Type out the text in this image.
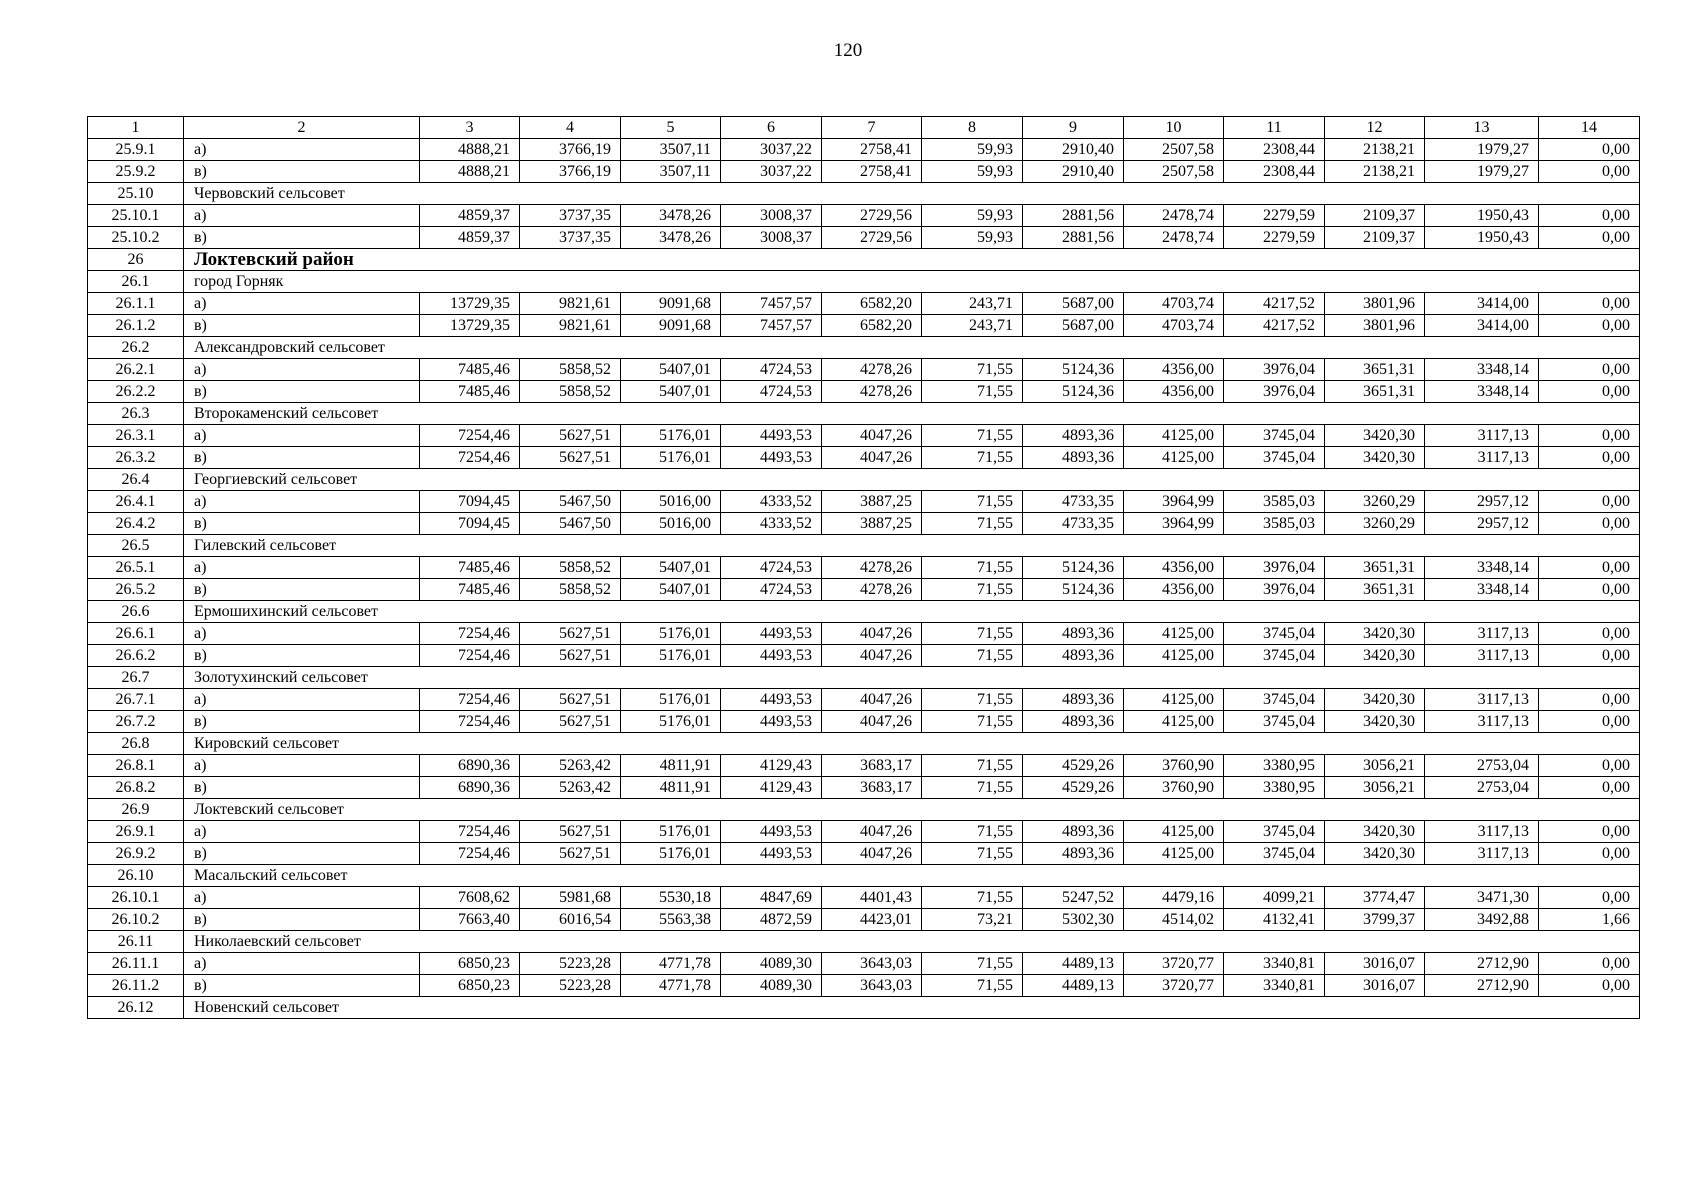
120
1	2	3	4	5	6	7	8	9	10	11	12	13	14
25.9.1	а)	4888,21	3766,19	3507,11	3037,22	2758,41	59,93	2910,40	2507,58	2308,44	2138,21	1979,27	0,00
25.9.2	в)	4888,21	3766,19	3507,11	3037,22	2758,41	59,93	2910,40	2507,58	2308,44	2138,21	1979,27	0,00
25.10	Червовский сельсовет												
25.10.1	а)	4859,37	3737,35	3478,26	3008,37	2729,56	59,93	2881,56	2478,74	2279,59	2109,37	1950,43	0,00
25.10.2	в)	4859,37	3737,35	3478,26	3008,37	2729,56	59,93	2881,56	2478,74	2279,59	2109,37	1950,43	0,00
26	Локтевский район												
26.1	город Горняк												
26.1.1	а)	13729,35	9821,61	9091,68	7457,57	6582,20	243,71	5687,00	4703,74	4217,52	3801,96	3414,00	0,00
26.1.2	в)	13729,35	9821,61	9091,68	7457,57	6582,20	243,71	5687,00	4703,74	4217,52	3801,96	3414,00	0,00
26.2	Александровский сельсовет												
26.2.1	а)	7485,46	5858,52	5407,01	4724,53	4278,26	71,55	5124,36	4356,00	3976,04	3651,31	3348,14	0,00
26.2.2	в)	7485,46	5858,52	5407,01	4724,53	4278,26	71,55	5124,36	4356,00	3976,04	3651,31	3348,14	0,00
26.3	Второкаменский сельсовет												
26.3.1	а)	7254,46	5627,51	5176,01	4493,53	4047,26	71,55	4893,36	4125,00	3745,04	3420,30	3117,13	0,00
26.3.2	в)	7254,46	5627,51	5176,01	4493,53	4047,26	71,55	4893,36	4125,00	3745,04	3420,30	3117,13	0,00
26.4	Георгиевский сельсовет												
26.4.1	а)	7094,45	5467,50	5016,00	4333,52	3887,25	71,55	4733,35	3964,99	3585,03	3260,29	2957,12	0,00
26.4.2	в)	7094,45	5467,50	5016,00	4333,52	3887,25	71,55	4733,35	3964,99	3585,03	3260,29	2957,12	0,00
26.5	Гилевский сельсовет												
26.5.1	а)	7485,46	5858,52	5407,01	4724,53	4278,26	71,55	5124,36	4356,00	3976,04	3651,31	3348,14	0,00
26.5.2	в)	7485,46	5858,52	5407,01	4724,53	4278,26	71,55	5124,36	4356,00	3976,04	3651,31	3348,14	0,00
26.6	Ермошихинский сельсовет												
26.6.1	а)	7254,46	5627,51	5176,01	4493,53	4047,26	71,55	4893,36	4125,00	3745,04	3420,30	3117,13	0,00
26.6.2	в)	7254,46	5627,51	5176,01	4493,53	4047,26	71,55	4893,36	4125,00	3745,04	3420,30	3117,13	0,00
26.7	Золотухинский сельсовет												
26.7.1	а)	7254,46	5627,51	5176,01	4493,53	4047,26	71,55	4893,36	4125,00	3745,04	3420,30	3117,13	0,00
26.7.2	в)	7254,46	5627,51	5176,01	4493,53	4047,26	71,55	4893,36	4125,00	3745,04	3420,30	3117,13	0,00
26.8	Кировский сельсовет												
26.8.1	а)	6890,36	5263,42	4811,91	4129,43	3683,17	71,55	4529,26	3760,90	3380,95	3056,21	2753,04	0,00
26.8.2	в)	6890,36	5263,42	4811,91	4129,43	3683,17	71,55	4529,26	3760,90	3380,95	3056,21	2753,04	0,00
26.9	Локтевский сельсовет												
26.9.1	а)	7254,46	5627,51	5176,01	4493,53	4047,26	71,55	4893,36	4125,00	3745,04	3420,30	3117,13	0,00
26.9.2	в)	7254,46	5627,51	5176,01	4493,53	4047,26	71,55	4893,36	4125,00	3745,04	3420,30	3117,13	0,00
26.10	Масальский сельсовет												
26.10.1	а)	7608,62	5981,68	5530,18	4847,69	4401,43	71,55	5247,52	4479,16	4099,21	3774,47	3471,30	0,00
26.10.2	в)	7663,40	6016,54	5563,38	4872,59	4423,01	73,21	5302,30	4514,02	4132,41	3799,37	3492,88	1,66
26.11	Николаевский сельсовет												
26.11.1	а)	6850,23	5223,28	4771,78	4089,30	3643,03	71,55	4489,13	3720,77	3340,81	3016,07	2712,90	0,00
26.11.2	в)	6850,23	5223,28	4771,78	4089,30	3643,03	71,55	4489,13	3720,77	3340,81	3016,07	2712,90	0,00
26.12	Новенский сельсовет												
